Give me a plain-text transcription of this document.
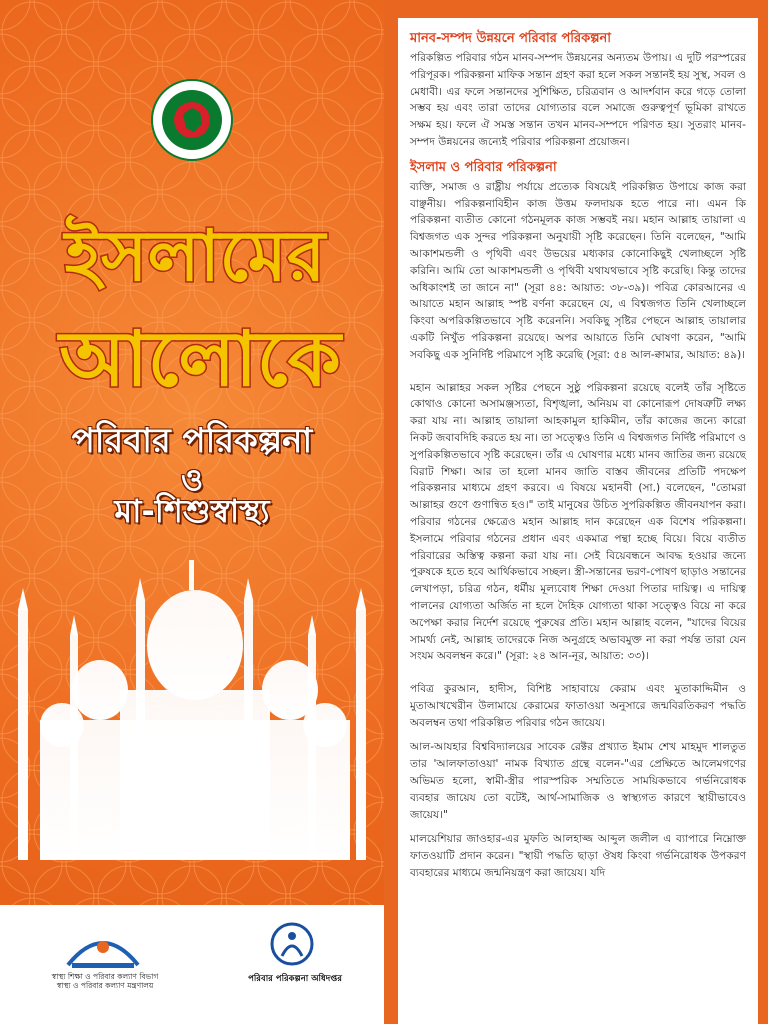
ইসলামের
আলোকে
পরিবার পরিকল্পনা
ও
মা-শিশুস্বাস্থ্য
স্বাস্থ্য শিক্ষা ও পরিবার কল্যাণ বিভাগ
স্বাস্থ্য ও পরিবার কল্যাণ মন্ত্রণালয়
পরিবার পরিকল্পনা অধিদপ্তর
মানব-সম্পদ উন্নয়নে পরিবার পরিকল্পনা

পরিকল্পিত পরিবার গঠন মানব-সম্পদ উন্নয়নের অন্যতম উপায়। এ দুটি পরস্পরের পরিপূরক। পরিকল্পনা মাফিক সন্তান গ্রহণ করা হলে সকল সন্তানই হয় সুস্থ, সবল ও মেধাবী। এর ফলে সন্তানদের সুশিক্ষিত, চরিত্রবান ও আদর্শবান করে গড়ে তোলা সম্ভব হয় এবং তারা তাদের যোগ্যতার বলে সমাজে গুরুত্বপূর্ণ ভূমিকা রাখতে সক্ষম হয়। ফলে ঐ সমস্ত সন্তান তখন মানব-সম্পদে পরিণত হয়। সুতরাং মানব-সম্পদ উন্নয়নের জন্যেই পরিবার পরিকল্পনা প্রয়োজন।

ইসলাম ও পরিবার পরিকল্পনা

ব্যক্তি, সমাজ ও রাষ্ট্রীয় পর্যায়ে প্রত্যেক বিষয়েই পরিকল্পিত উপায়ে কাজ করা বাঞ্ছনীয়। পরিকল্পনাবিহীন কাজ উত্তম ফলদায়ক হতে পারে না। এমন কি পরিকল্পনা ব্যতীত কোনো গঠনমূলক কাজ সম্ভবই নয়। মহান আল্লাহ তায়ালা এ বিশ্বজগত এক সুন্দর পরিকল্পনা অনুযায়ী সৃষ্টি করেছেন। তিনি বলেছেন, "আমি আকাশমন্ডলী ও পৃথিবী এবং উভয়ের মধ্যকার কোনোকিছুই খেলাচ্ছলে সৃষ্টি করিনি। আমি তো আকাশমন্ডলী ও পৃথিবী যথাযথভাবে সৃষ্টি করেছি। কিন্তু তাদের অধিকাংশই তা জানে না" (সূরা ৪৪: আয়াত: ৩৮-৩৯)। পবিত্র কোরআনের এ আয়াতে মহান আল্লাহ স্পষ্ট বর্ণনা করেছেন যে, এ বিশ্বজগত তিনি খেলাচ্ছলে কিংবা অপরিকল্পিতভাবে সৃষ্টি করেননি। সবকিছু সৃষ্টির পেছনে আল্লাহ তায়ালার একটি নিখুঁত পরিকল্পনা রয়েছে। অপর আয়াতে তিনি ঘোষণা করেন, "আমি সবকিছু এক সুনির্দিষ্ট পরিমাপে সৃষ্টি করেছি (সূরা: ৫৪ আল-ক্বামার, আয়াত: ৪৯)।

মহান আল্লাহর সকল সৃষ্টির পেছনে সুষ্ঠু পরিকল্পনা রয়েছে বলেই তাঁর সৃষ্টিতে কোথাও কোনো অসামঞ্জস্যতা, বিশৃঙ্খলা, অনিয়ম বা কোনোরূপ দোষত্রুটি লক্ষ্য করা যায় না। আল্লাহ তায়ালা আহকামুল হাকিমীন, তাঁর কাজের জন্যে কারো নিকট জবাবদিহি করতে হয় না। তা সত্ত্বেও তিনি এ বিশ্বজগত নির্দিষ্ট পরিমাণে ও সুপরিকল্পিতভাবে সৃষ্টি করেছেন। তাঁর এ ঘোষণার মধ্যে মানব জাতির জন্য রয়েছে বিরাট শিক্ষা। আর তা হলো মানব জাতি বাস্তব জীবনের প্রতিটি পদক্ষেপ পরিকল্পনার মাধ্যমে গ্রহণ করবে। এ বিষয়ে মহানবী (সা.) বলেছেন, "তোমরা আল্লাহর গুণে গুণান্বিত হও।" তাই মানুষের উচিত সুপরিকল্পিত জীবনযাপন করা। পরিবার গঠনের ক্ষেত্রেও মহান আল্লাহ দান করেছেন এক বিশেষ পরিকল্পনা। ইসলামে পরিবার গঠনের প্রধান এবং একমাত্র পন্থা হচ্ছে বিয়ে। বিয়ে ব্যতীত পরিবারের অস্তিত্ব কল্পনা করা যায় না। সেই বিয়েবন্ধনে আবদ্ধ হওয়ার জন্যে পুরুষকে হতে হবে আর্থিকভাবে সচ্ছল। স্ত্রী-সন্তানের ভরণ-পোষণ ছাড়াও সন্তানের লেখাপড়া, চরিত্র গঠন, ধর্মীয় মূল্যবোধ শিক্ষা দেওয়া পিতার দায়িত্ব। এ দায়িত্ব পালনের যোগ্যতা অর্জিত না হলে দৈহিক যোগ্যতা থাকা সত্ত্বেও বিয়ে না করে অপেক্ষা করার নির্দেশ রয়েছে পুরুষের প্রতি। মহান আল্লাহ বলেন, "যাদের বিয়ের সামর্থ্য নেই, আল্লাহ তাদেরকে নিজ অনুগ্রহে অভাবমুক্ত না করা পর্যন্ত তারা যেন সংযম অবলম্বন করে।" (সূরা: ২৪ আন-নূর, আয়াত: ৩৩)।

পবিত্র কুরআন, হাদীস, বিশিষ্ট সাহাবায়ে কেরাম এবং মুতাকাদ্দিমীন ও মুতাআখখেরীন উলামায়ে কেরামের ফাতাওয়া অনুসারে জন্মবিরতিকরণ পদ্ধতি অবলম্বন তথা পরিকল্পিত পরিবার গঠন জায়েয।

আল-আযহার বিশ্ববিদ্যালয়ের সাবেক রেক্টর প্রখ্যাত ইমাম শেখ মাহমুদ শালতুত তার 'আলফাতাওয়া' নামক বিখ্যাত গ্রন্থে বলেন-"এর প্রেক্ষিতে আলেমগণের অভিমত হলো, স্বামী-স্ত্রীর পারস্পরিক সম্মতিতে সাময়িকভাবে গর্ভনিরোধক ব্যবহার জায়েয তো বটেই, আর্থ-সামাজিক ও স্বাস্থ্যগত কারণে স্থায়ীভাবেও জায়েয।"

মালয়েশিয়ার জাওহার-এর মুফতি আলহাজ্জ আব্দুল জলীল এ ব্যাপারে নিম্নোক্ত ফাতওয়াটি প্রদান করেন। "স্থায়ী পদ্ধতি ছাড়া ঔষধ কিংবা গর্ভনিরোধক উপকরণ ব্যবহারের মাধ্যমে জন্মনিয়ন্ত্রণ করা জায়েয। যদি
